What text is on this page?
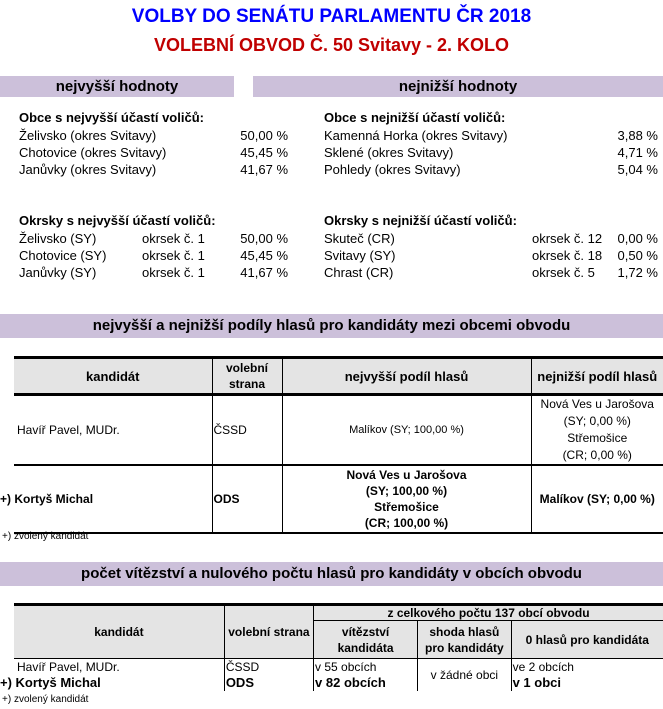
VOLBY DO SENÁTU PARLAMENTU ČR 2018
VOLEBNÍ OBVOD Č. 50 Svitavy - 2. KOLO
nejvyšší hodnoty	nejnižší hodnoty
Obce s nejvyšší účastí voličů:
Želivsko (okres Svitavy)	50,00 %
Chotovice (okres Svitavy)	45,45 %
Janůvky (okres Svitavy)	41,67 %
Okrsky s nejvyšší účastí voličů:
Želivsko (SY)	okrsek č. 1	50,00 %
Chotovice (SY)	okrsek č. 1	45,45 %
Janůvky (SY)	okrsek č. 1	41,67 %
Obce s nejnižší účastí voličů:
Kamenná Horka (okres Svitavy)	3,88 %
Sklené (okres Svitavy)	4,71 %
Pohledy (okres Svitavy)	5,04 %
Okrsky s nejnižší účastí voličů:
Skuteč (CR)	okrsek č. 12	0,00 %
Svitavy (SY)	okrsek č. 18	0,50 %
Chrast (CR)	okrsek č. 5	1,72 %
nejvyšší a nejnižší podíly hlasů pro kandidáty mezi obcemi obvodu
kandidát	volební strana	nejvyšší podíl hlasů	nejnižší podíl hlasů
Havíř Pavel, MUDr.	ČSSD	Malíkov (SY; 100,00 %)	Nová Ves u Jarošova
(SY; 0,00 %)
Střemošice
(CR; 0,00 %)

+) Kortyš Michal	ODS	Nová Ves u Jarošova
(SY; 100,00 %)
Střemošice
(CR; 100,00 %)	Malíkov (SY; 0,00 %)
+) zvolený kandidát
počet vítězství a nulového počtu hlasů pro kandidáty v obcích obvodu
kandidát	volební strana	z celkového počtu 137 obcí obvodu		
		vítězství kandidáta	shoda hlasů pro kandidáty	0 hlasů pro kandidáta
Havíř Pavel, MUDr.	ČSSD	v 55 obcích	v žádné obci	ve 2 obcích
+) Kortyš Michal	ODS	v 82 obcích		v 1 obci
+) zvolený kandidát
